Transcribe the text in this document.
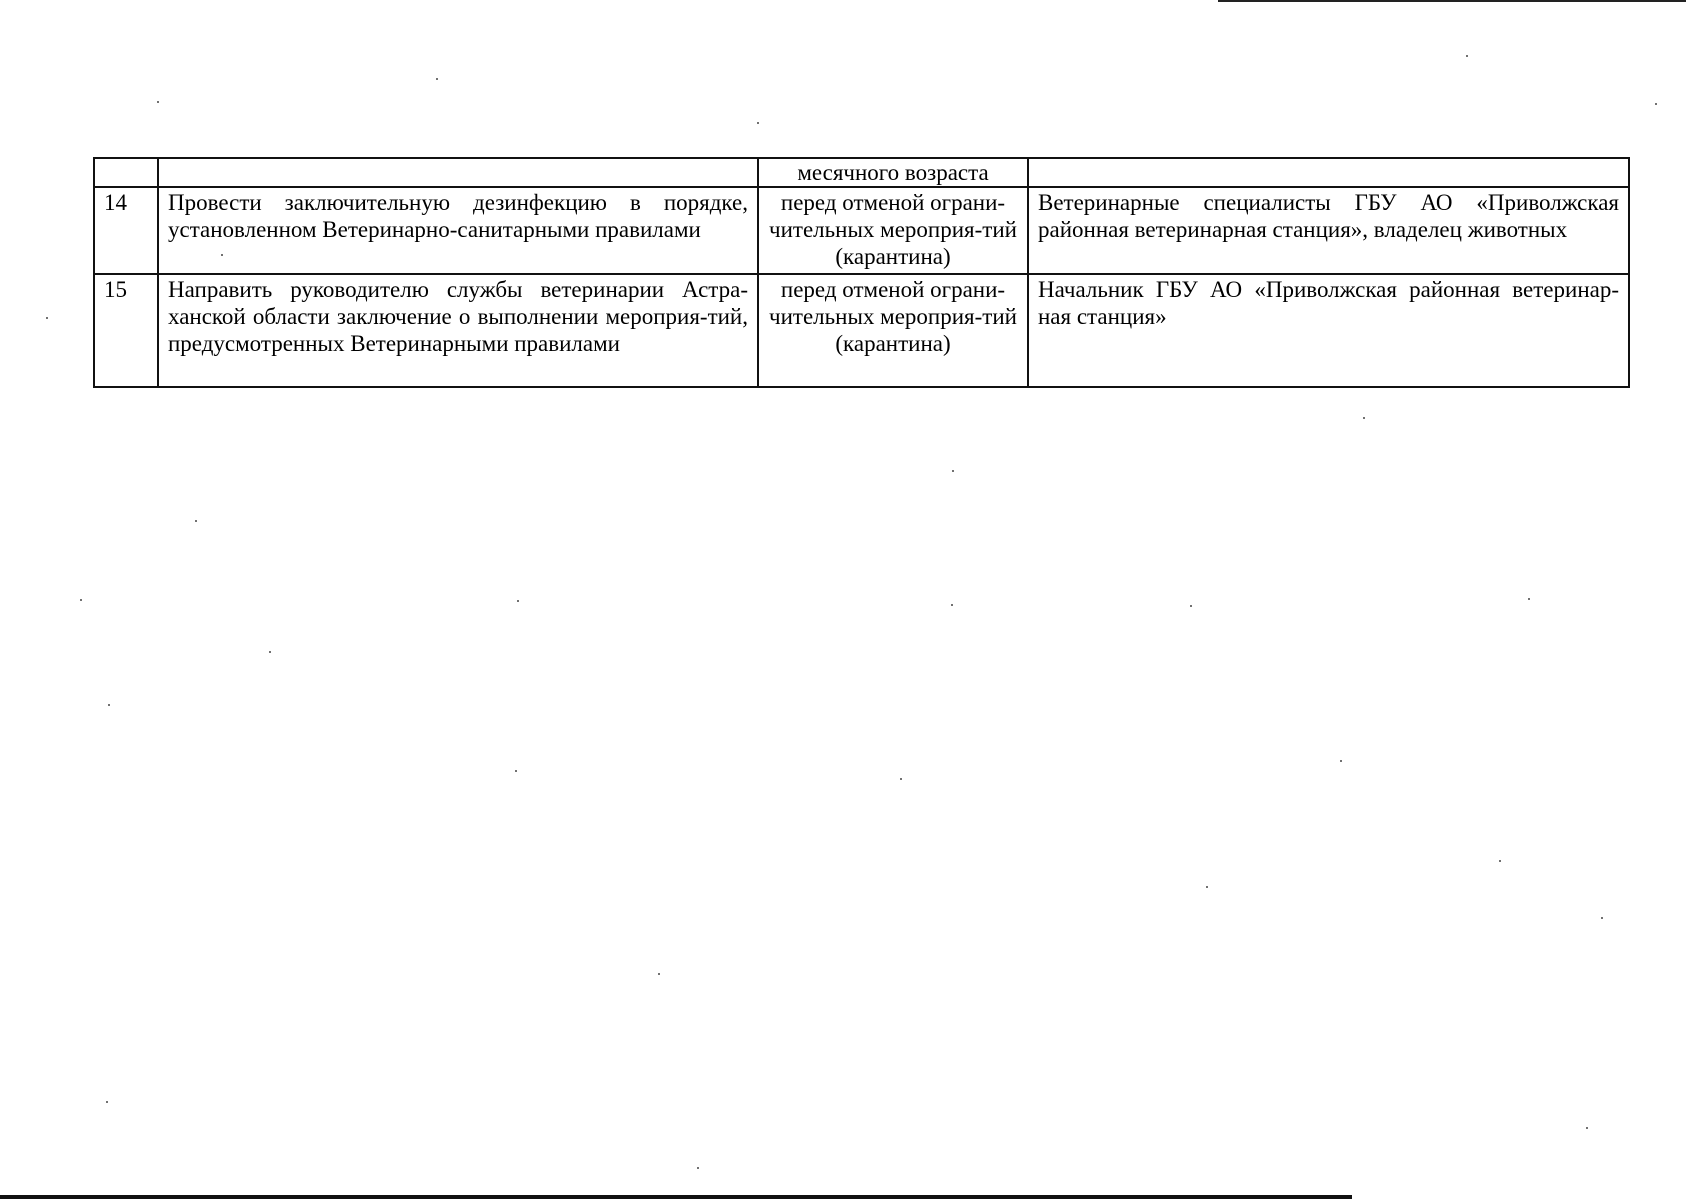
		месячного возраста	
14	Провести заключительную дезинфекцию в порядке, установленном Ветеринарно-санитарными правилами	перед отменой ограни-чительных мероприя-тий (карантина)	Ветеринарные специалисты ГБУ АО «Приволжская районная ветеринарная станция», владелец животных
15	Направить руководителю службы ветеринарии Астра-ханской области заключение о выполнении мероприя-тий, предусмотренных Ветеринарными правилами	перед отменой ограни-чительных мероприя-тий (карантина)	Начальник ГБУ АО «Приволжская районная ветеринар-ная станция»
